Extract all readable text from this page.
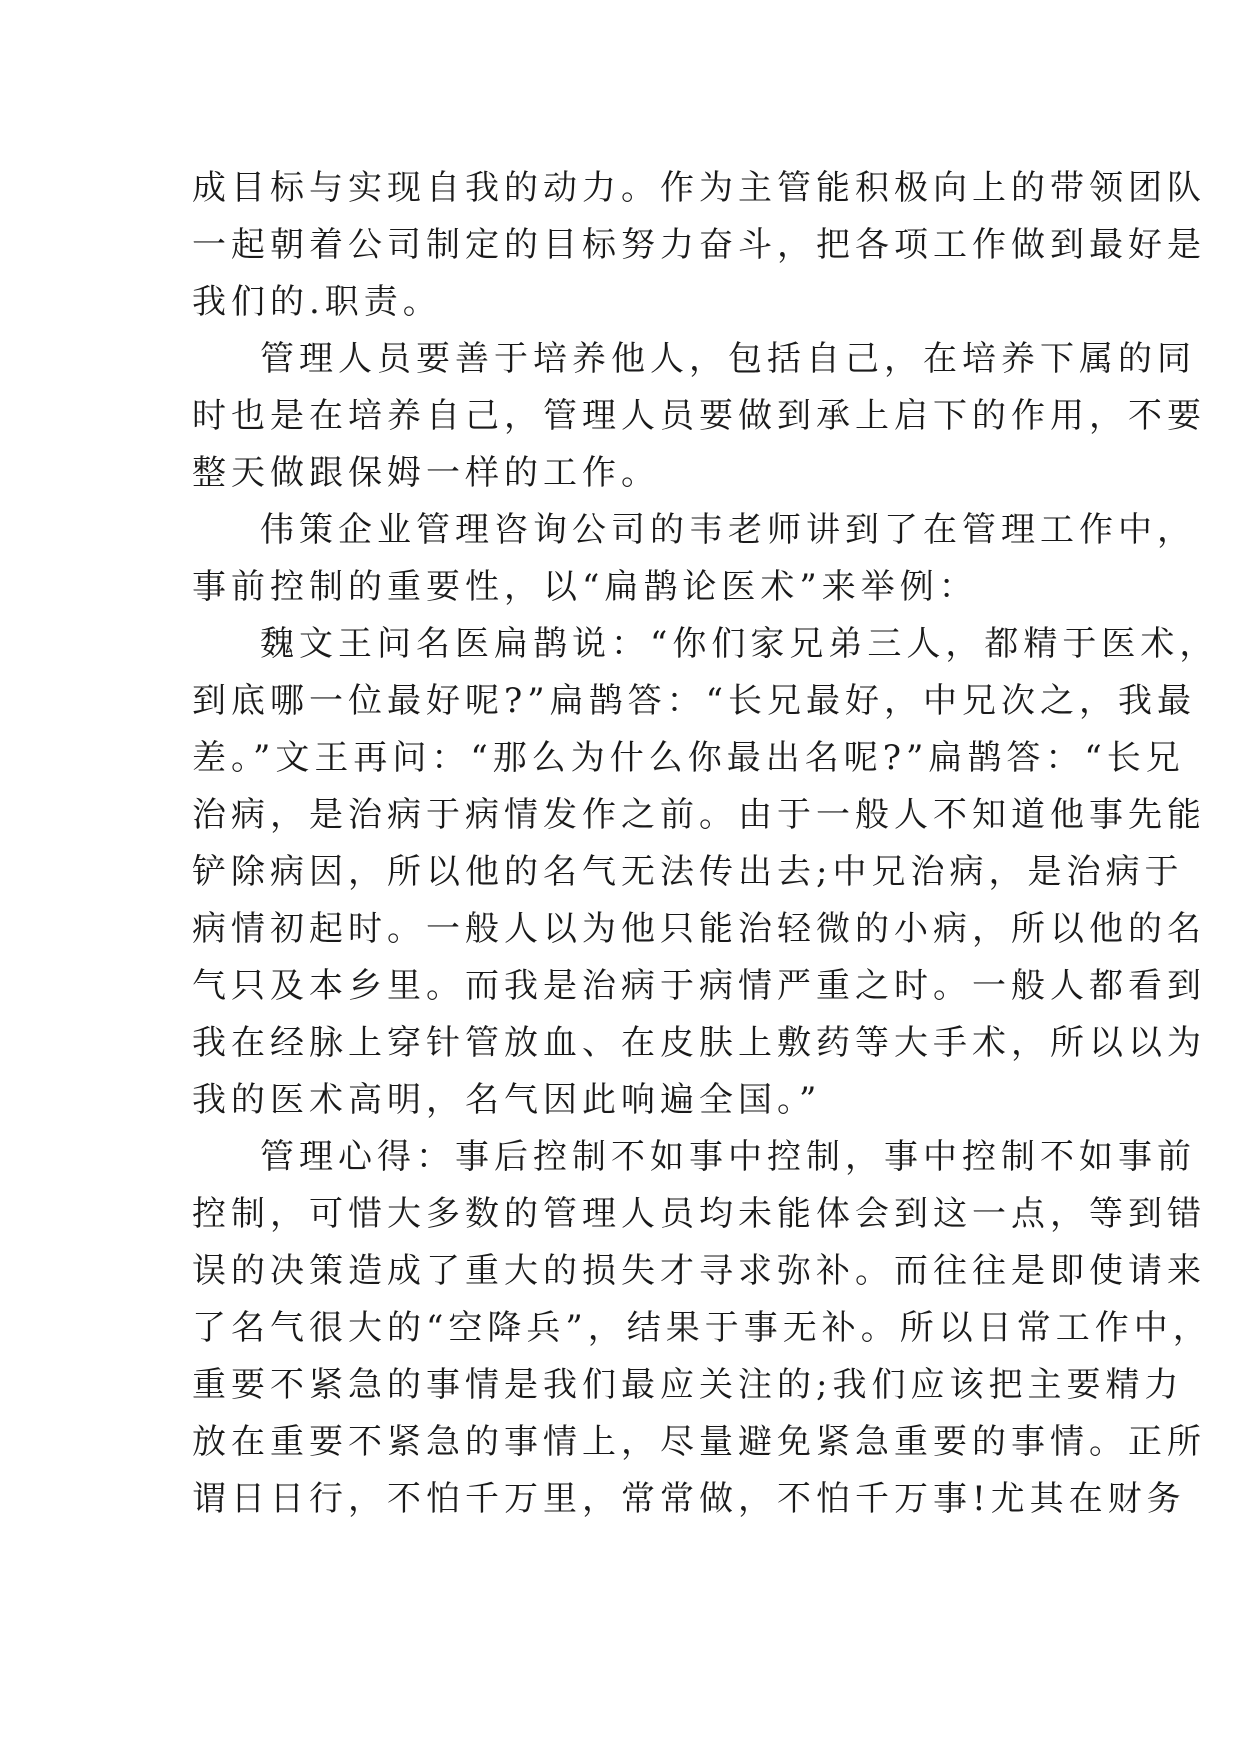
成目标与实现自我的动力。作为主管能积极向上的带领团队
一起朝着公司制定的目标努力奋斗，把各项工作做到最好是
我们的.职责。
管理人员要善于培养他人，包括自己，在培养下属的同
时也是在培养自己，管理人员要做到承上启下的作用，不要
整天做跟保姆一样的工作。
伟策企业管理咨询公司的韦老师讲到了在管理工作中，
事前控制的重要性，以“扁鹊论医术”来举例：
魏文王问名医扁鹊说：“你们家兄弟三人，都精于医术，
到底哪一位最好呢?”扁鹊答：“长兄最好，中兄次之，我最
差。”文王再问：“那么为什么你最出名呢?”扁鹊答：“长兄
治病，是治病于病情发作之前。由于一般人不知道他事先能
铲除病因，所以他的名气无法传出去;中兄治病，是治病于
病情初起时。一般人以为他只能治轻微的小病，所以他的名
气只及本乡里。而我是治病于病情严重之时。一般人都看到
我在经脉上穿针管放血、在皮肤上敷药等大手术，所以以为
我的医术高明，名气因此响遍全国。”
管理心得：事后控制不如事中控制，事中控制不如事前
控制，可惜大多数的管理人员均未能体会到这一点，等到错
误的决策造成了重大的损失才寻求弥补。而往往是即使请来
了名气很大的“空降兵”，结果于事无补。所以日常工作中，
重要不紧急的事情是我们最应关注的;我们应该把主要精力
放在重要不紧急的事情上，尽量避免紧急重要的事情。正所
谓日日行，不怕千万里，常常做，不怕千万事!尤其在财务
